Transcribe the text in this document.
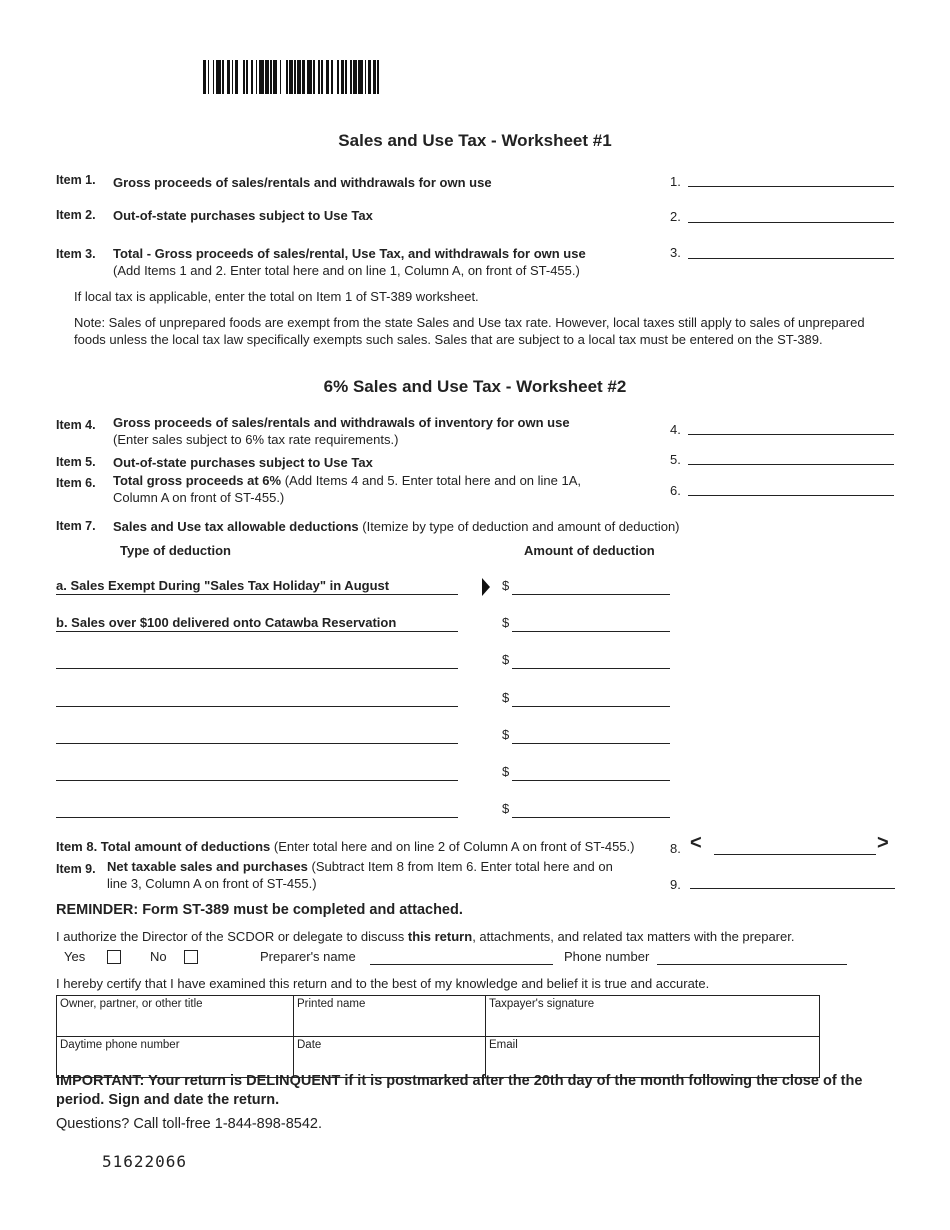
Sales and Use Tax - Worksheet #1
Item 1. Gross proceeds of sales/rentals and withdrawals for own use	1.
Item 2. Out-of-state purchases subject to Use Tax	2.
Item 3. Total - Gross proceeds of sales/rental, Use Tax, and withdrawals for own use
(Add Items 1 and 2. Enter total here and on line 1, Column A, on front of ST-455.)
3.
If local tax is applicable, enter the total on Item 1 of ST-389 worksheet.
Note: Sales of unprepared foods are exempt from the state Sales and Use tax rate. However, local taxes still apply to sales of unprepared foods unless the local tax law specifically exempts such sales. Sales that are subject to a local tax must be entered on the ST-389.
6% Sales and Use Tax - Worksheet #2
Item 4. Gross proceeds of sales/rentals and withdrawals of inventory for own use
(Enter sales subject to 6% tax rate requirements.)
4.
Item 5. Out-of-state purchases subject to Use Tax	5.
Item 6. Total gross proceeds at 6% (Add Items 4 and 5. Enter total here and on line 1A,
Column A on front of ST-455.)	6.
Item 7. Sales and Use tax allowable deductions (Itemize by type of deduction and amount of deduction)
Type of deduction	Amount of deduction
a. Sales Exempt During "Sales Tax Holiday" in August	$
b. Sales over $100 delivered onto Catawba Reservation	$
$
$
$
$
$
Item 8. Total amount of deductions (Enter total here and on line 2 of Column A on front of ST-455.)	8. <	>
Item 9. Net taxable sales and purchases (Subtract Item 8 from Item 6. Enter total here and on
line 3, Column A on front of ST-455.)	9.
REMINDER: Form ST-389 must be completed and attached.
I authorize the Director of the SCDOR or delegate to discuss this return, attachments, and related tax matters with the preparer.
Yes	No	Preparer's name	Phone number
I hereby certify that I have examined this return and to the best of my knowledge and belief it is true and accurate.
Owner, partner, or other title	Printed name	Taxpayer's signature
Daytime phone number	Date	Email
IMPORTANT: Your return is DELINQUENT if it is postmarked after the 20th day of the month following the close of the period. Sign and date the return.
Questions? Call toll-free 1-844-898-8542.
51622066
